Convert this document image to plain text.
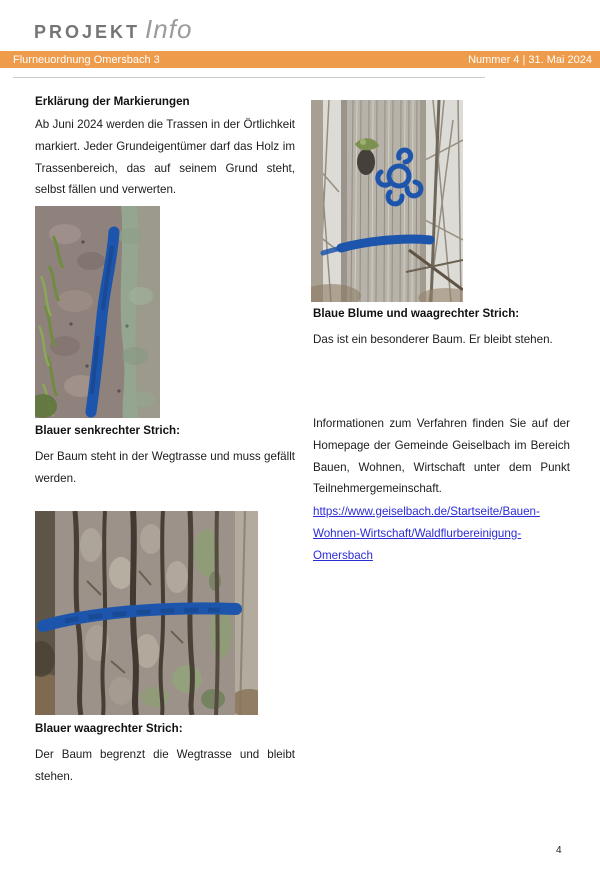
PROJEKT Info
Flurneuordnung Omersbach 3	Nummer 4 | 31. Mai 2024
Erklärung der Markierungen
Ab Juni 2024 werden die Trassen in der Örtlichkeit markiert. Jeder Grundeigentümer darf das Holz im Trassenbereich, das auf seinem Grund steht, selbst fällen und verwerten.
Blauer senkrechter Strich:
Der Baum steht in der Wegtrasse und muss gefällt werden.
Blauer waagrechter Strich:
Der Baum begrenzt die Wegtrasse und bleibt stehen.
Blaue Blume und waagrechter Strich:
Das ist ein besonderer Baum. Er bleibt stehen.
Informationen zum Verfahren finden Sie auf der Homepage der Gemeinde Geiselbach im Bereich Bauen, Wohnen, Wirtschaft unter dem Punkt Teilnehmergemeinschaft.
https://www.geiselbach.de/Startseite/Bauen-Wohnen-Wirtschaft/Waldflurbereinigung-Omersbach
4
